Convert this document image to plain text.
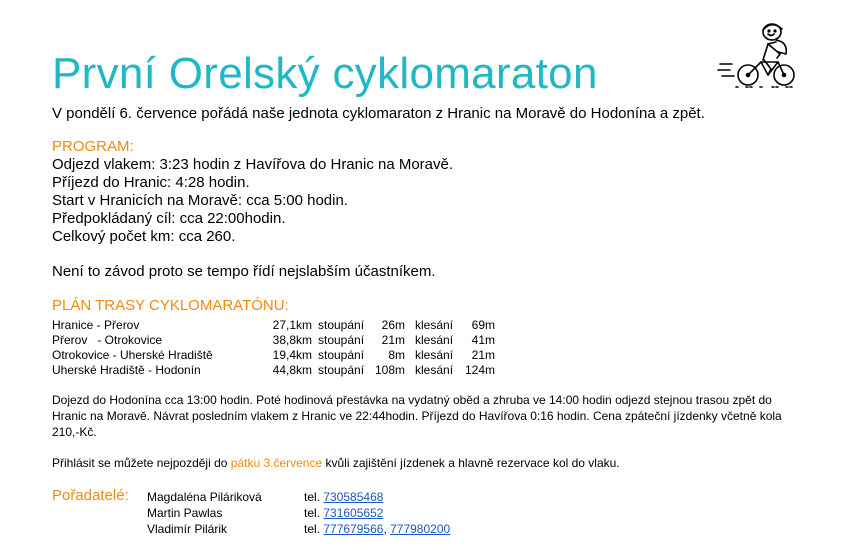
První Orelský cyklomaraton
V pondělí 6. července pořádá naše jednota cyklomaraton z Hranic na Moravě do Hodonína a zpět.
PROGRAM:
Odjezd vlakem: 3:23 hodin z Havířova do Hranic na Moravě.
Příjezd do Hranic: 4:28 hodin.
Start v Hranicích na Moravě: cca 5:00 hodin.
Předpokládaný cíl: cca 22:00hodin.
Celkový počet km: cca 260.
Není to závod proto se tempo řídí nejslabším účastníkem.
PLÁN TRASY CYKLOMARATÓNU:
Hranice - Přerov	27,1km	stoupání	26m	klesání	69m
Přerov   - Otrokovice	38,8km	stoupání	21m	klesání	41m
Otrokovice - Uherské Hradiště	19,4km	stoupání	8m	klesání	21m
Uherské Hradiště - Hodonín	44,8km	stoupání	108m	klesání	124m
Dojezd do Hodonína cca 13:00 hodin. Poté hodinová přestávka na vydatný oběd a zhruba ve 14:00 hodin odjezd stejnou trasou zpět do Hranic na Moravě. Návrat posledním vlakem z Hranic ve 22:44hodin. Příjezd do Havířova 0:16 hodin. Cena zpáteční jízdenky včetně kola 210,-Kč.
Přihlásit se můžete nejpozději do pátku 3.července kvůli zajištění jízdenek a hlavně rezervace kol do vlaku.
Pořadatelé: Magdaléna Piláriková	tel. 730585468
Martin Pawlas	tel. 731605652
Vladimír Pilárik	tel. 777679566, 777980200
